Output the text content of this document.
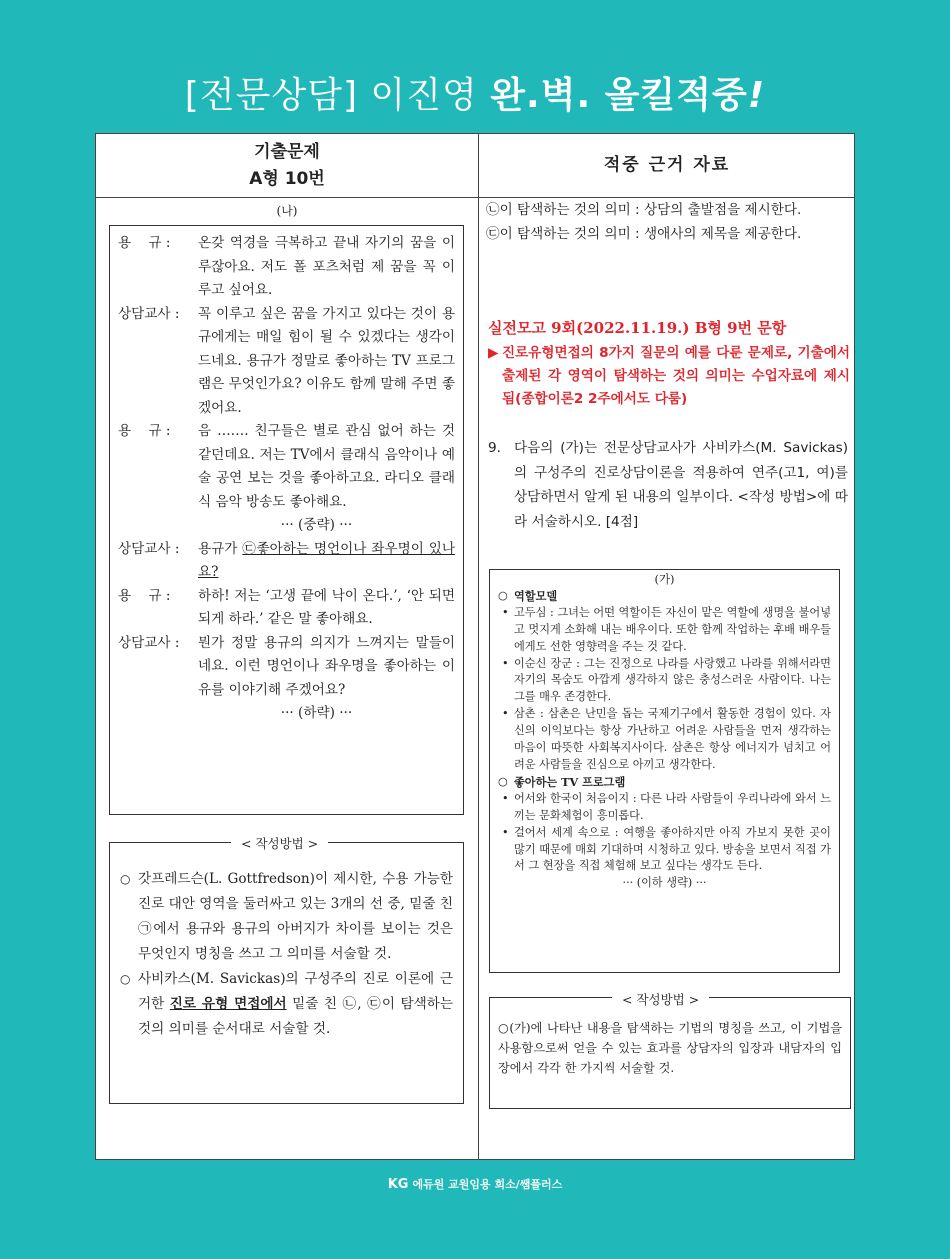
[전문상담] 이진영 완.벽. 올킬적중!
기출문제
A형 10번
적중 근거 자료
(나)
용    규 :	온갖 역경을 극복하고 끝내 자기의 꿈을 이루잖아요. 저도 폴 포츠처럼 제 꿈을 꼭 이루고 싶어요.
상담교사 :	꼭 이루고 싶은 꿈을 가지고 있다는 것이 용규에게는 매일 힘이 될 수 있겠다는 생각이 드네요. 용규가 정말로 좋아하는 TV 프로그램은 무엇인가요? 이유도 함께 말해 주면 좋겠어요.
용    규 :	음 ……. 친구들은 별로 관심 없어 하는 것 같던데요. 저는 TV에서 클래식 음악이나 예술 공연 보는 것을 좋아하고요. 라디오 클래식 음악 방송도 좋아해요.
··· (중략) ···
상담교사 :	용규가 ㉢좋아하는 명언이나 좌우명이 있나요?
용    규 :	하하! 저는 ‘고생 끝에 낙이 온다.’, ‘안 되면 되게 하라.’ 같은 말 좋아해요.
상담교사 :	뭔가 정말 용규의 의지가 느껴지는 말들이네요. 이런 명언이나 좌우명을 좋아하는 이유를 이야기해 주겠어요?
··· (하략) ···
○ 갓프레드슨(L. Gottfredson)이 제시한, 수용 가능한 진로 대안 영역을 둘러싸고 있는 3개의 선 중, 밑줄 친 ㉠에서 용규와 용규의 아버지가 차이를 보이는 것은 무엇인지 명칭을 쓰고 그 의미를 서술할 것.
○ 사비카스(M. Savickas)의 구성주의 진로 이론에 근거한 진로 유형 면접에서 밑줄 친 ㉡, ㉢이 탐색하는 것의 의미를 순서대로 서술할 것.
< 작성방법 >
㉡이 탐색하는 것의 의미 : 상담의 출발점을 제시한다.
㉢이 탐색하는 것의 의미 : 생애사의 제목을 제공한다.
실전모고 9회(2022.11.19.) B형 9번 문항
▶ 진로유형면접의 8가지 질문의 예를 다룬 문제로, 기출에서 출제된 각 영역이 탐색하는 것의 의미는 수업자료에 제시됨(종합이론2 2주에서도 다룸)
9. 다음의 (가)는 전문상담교사가 사비카스(M. Savickas)의 구성주의 진로상담이론을 적용하여 연주(고1, 여)를 상담하면서 알게 된 내용의 일부이다. <작성 방법>에 따라 서술하시오. [4점]
(가)
○ 역할모델
• 고두심 : 그녀는 어떤 역할이든 자신이 맡은 역할에 생명을 불어넣고 멋지게 소화해 내는 배우이다. 또한 함께 작업하는 후배 배우들에게도 선한 영향력을 주는 것 같다.
• 이순신 장군 : 그는 진정으로 나라를 사랑했고 나라를 위해서라면 자기의 목숨도 아깝게 생각하지 않은 충성스러운 사람이다. 나는 그를 매우 존경한다.
• 삼촌 : 삼촌은 난민을 돕는 국제기구에서 활동한 경험이 있다. 자신의 이익보다는 항상 가난하고 어려운 사람들을 먼저 생각하는 마음이 따뜻한 사회복지사이다. 삼촌은 항상 에너지가 넘치고 어려운 사람들을 진심으로 아끼고 생각한다.
○ 좋아하는 TV 프로그램
• 어서와 한국이 처음이지 : 다른 나라 사람들이 우리나라에 와서 느끼는 문화체험이 흥미롭다.
• 걸어서 세계 속으로 : 여행을 좋아하지만 아직 가보지 못한 곳이 많기 때문에 매회 기대하며 시청하고 있다. 방송을 보면서 직접 가서 그 현장을 직접 체험해 보고 싶다는 생각도 든다.
··· (이하 생략) ···
○(가)에 나타난 내용을 탐색하는 기법의 명칭을 쓰고, 이 기법을 사용함으로써 얻을 수 있는 효과를 상담자의 입장과 내담자의 입장에서 각각 한 가지씩 서술할 것.
< 작성방법 >
KG 에듀원 교원임용 희소/쌤플러스
